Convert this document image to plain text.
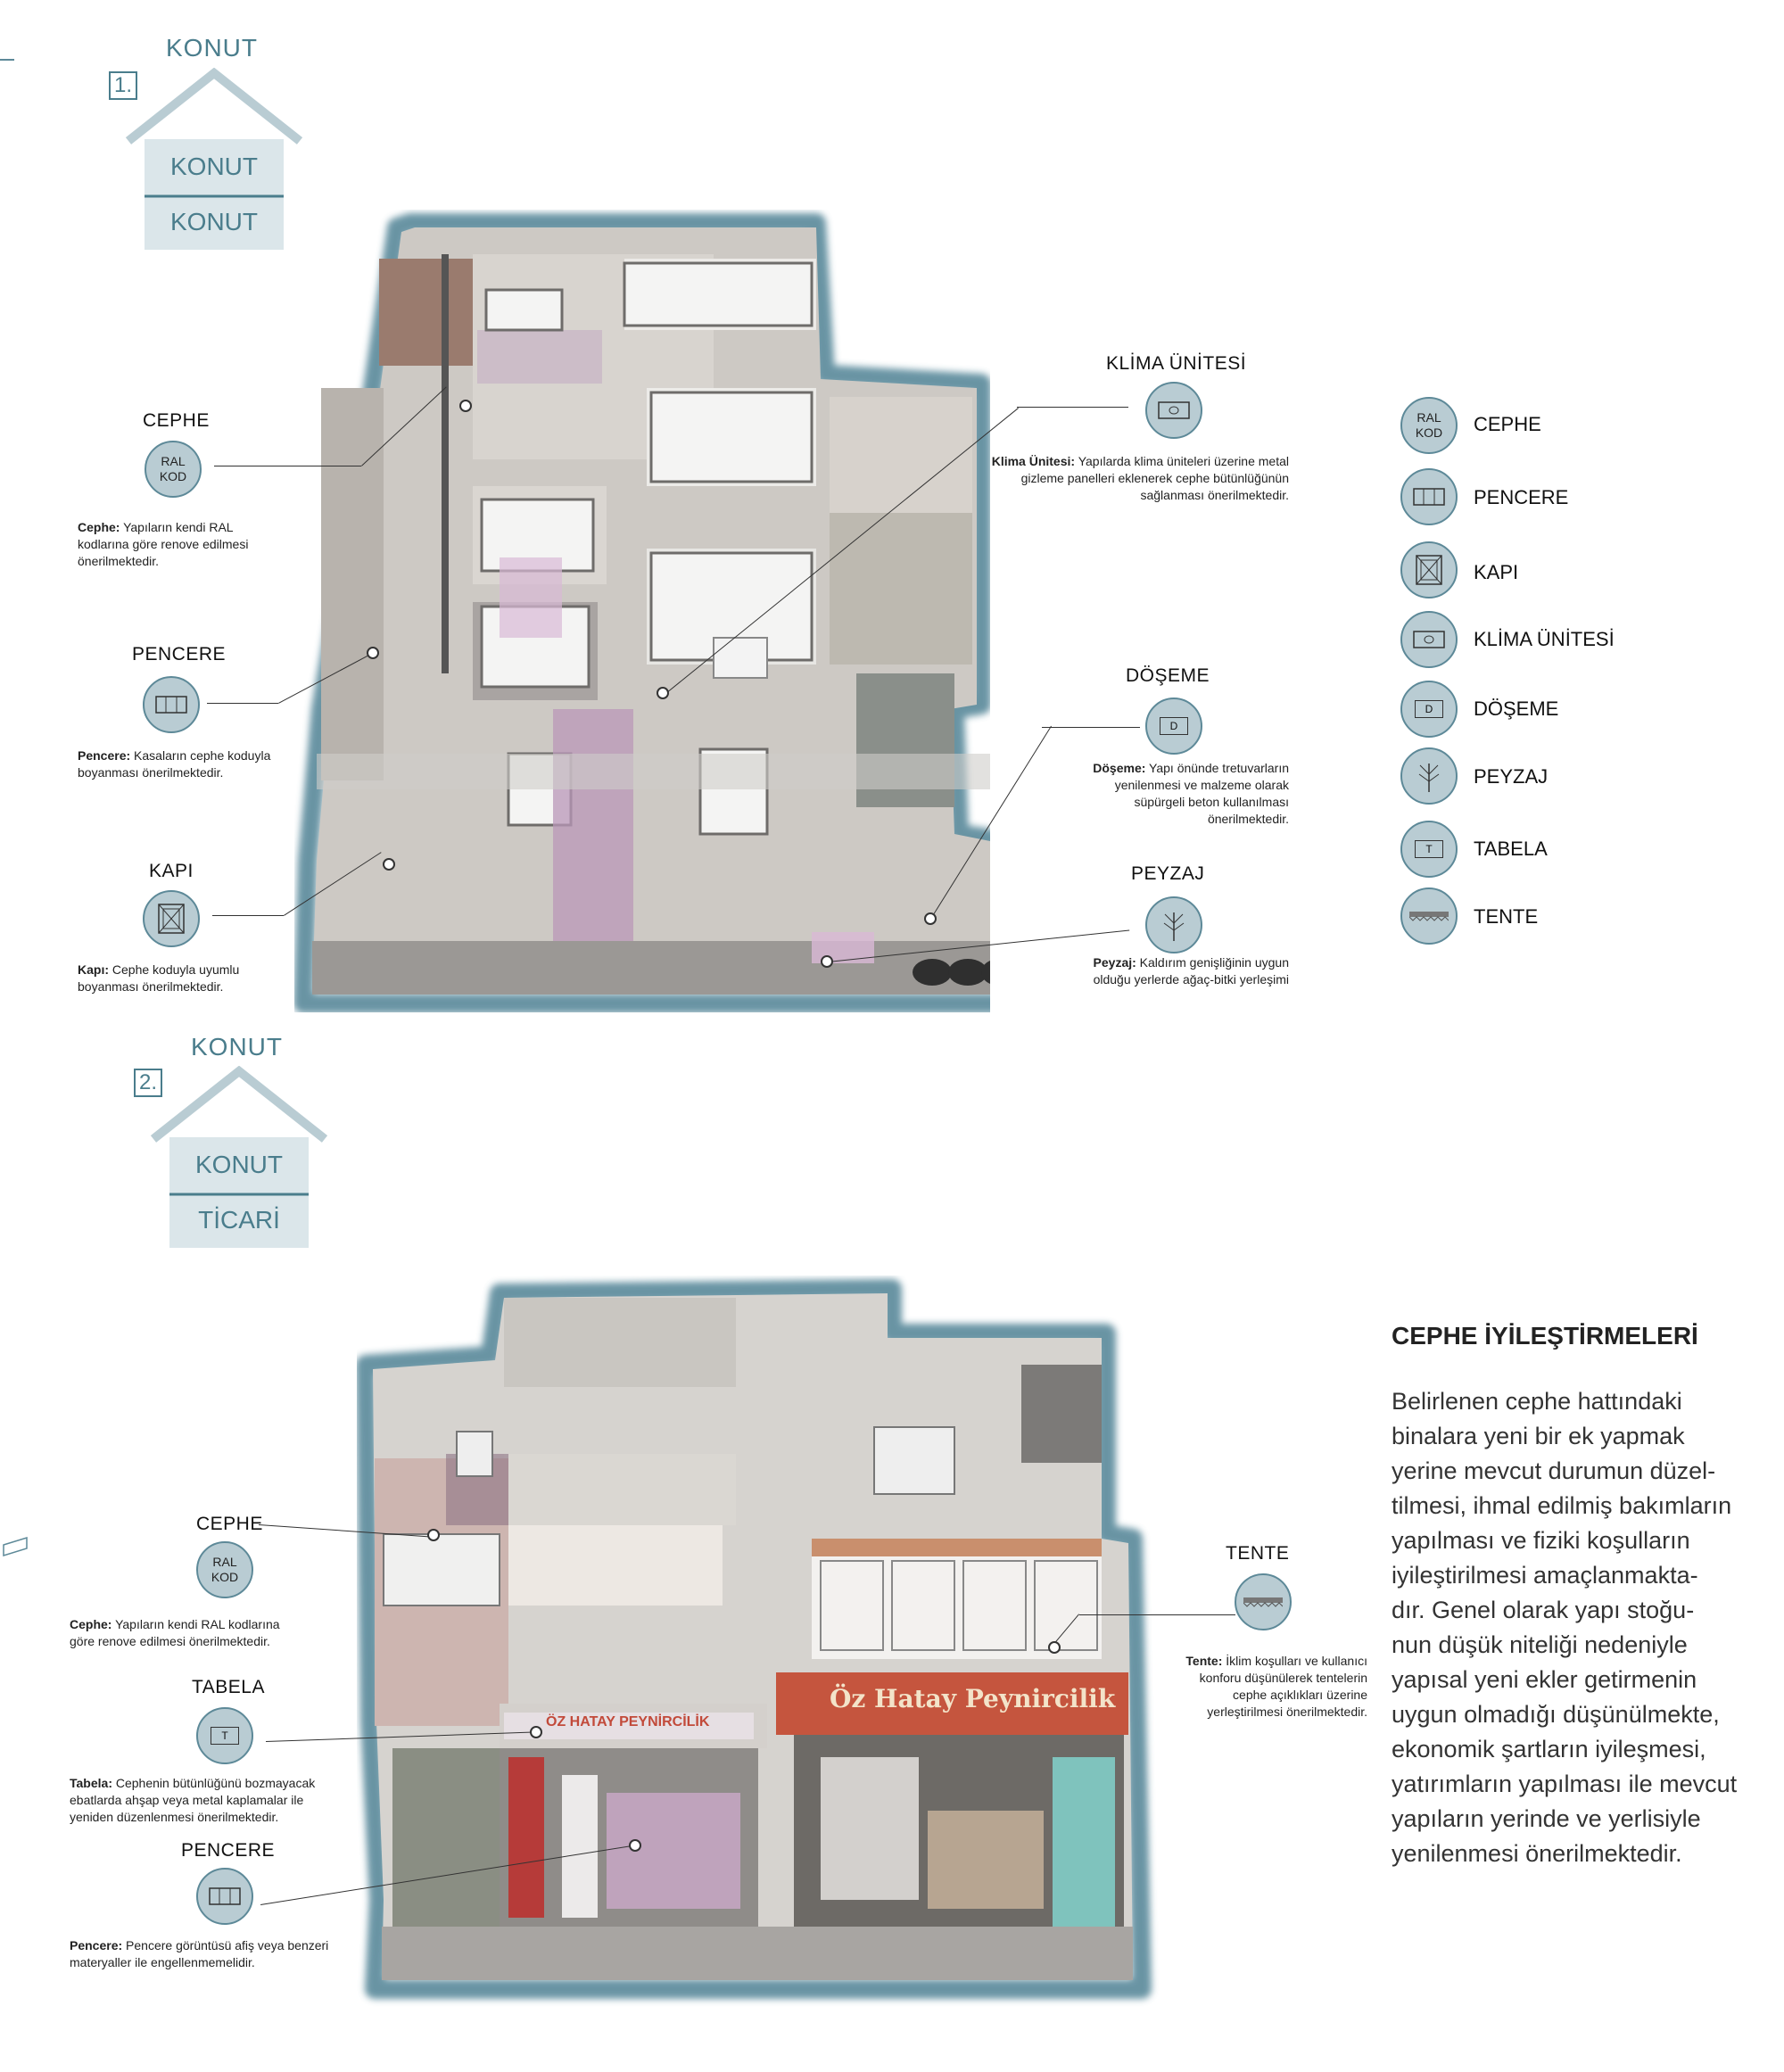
KONUT
1.
KONUT
KONUT
CEPHE
RAL
KOD
Cephe: Yapıların kendi RAL kodlarına göre renove edilmesi önerilmektedir.
PENCERE
Pencere: Kasaların cephe koduyla boyanması önerilmektedir.
KAPI
Kapı: Cephe koduyla uyumlu boyanması önerilmektedir.
KLİMA ÜNİTESİ
Klima Ünitesi: Yapılarda klima üniteleri üzerine metal gizleme panelleri eklenerek cephe bütünlüğünün sağlanması önerilmektedir.
DÖŞEME
D
Döşeme: Yapı önünde tretuvarların yenilenmesi ve malzeme olarak süpürgeli beton kullanılması önerilmektedir.
PEYZAJ
Peyzaj: Kaldırım genişliğinin uygun olduğu yerlerde ağaç-bitki yerleşimi
RAL
KOD CEPHE
PENCERE
KAPI
KLİMA ÜNİTESİ
D	DÖŞEME
PEYZAJ
T	TABELA
TENTE
KONUT
2.
KONUT
TİCARİ
ÖZ HATAY PEYNİRCİLİK
Öz Hatay Peynircilik
CEPHE
RAL
KOD
Cephe: Yapıların kendi RAL kodlarına göre renove edilmesi önerilmektedir.
TABELA
T
Tabela: Cephenin bütünlüğünü bozmayacak ebatlarda ahşap veya metal kaplamalar ile yeniden düzenlenmesi önerilmektedir.
PENCERE
Pencere: Pencere görüntüsü afiş veya benzeri materyaller ile engellenmemelidir.
TENTE
Tente: İklim koşulları ve kullanıcı konforu düşünülerek tentelerin cephe açıklıkları üzerine yerleştirilmesi önerilmektedir.
CEPHE İYİLEŞTİRMELERİ
Belirlenen cephe hattındaki
binalara yeni bir ek yapmak
yerine mevcut durumun düzel-
tilmesi, ihmal edilmiş bakımların
yapılması ve fiziki koşulların
iyileştirilmesi amaçlanmakta-
dır. Genel olarak yapı stoğu-
nun düşük niteliği nedeniyle
yapısal yeni ekler getirmenin
uygun olmadığı düşünülmekte,
ekonomik şartların iyileşmesi,
yatırımların yapılması ile mevcut
yapıların yerinde ve yerlisiyle
yenilenmesi önerilmektedir.
